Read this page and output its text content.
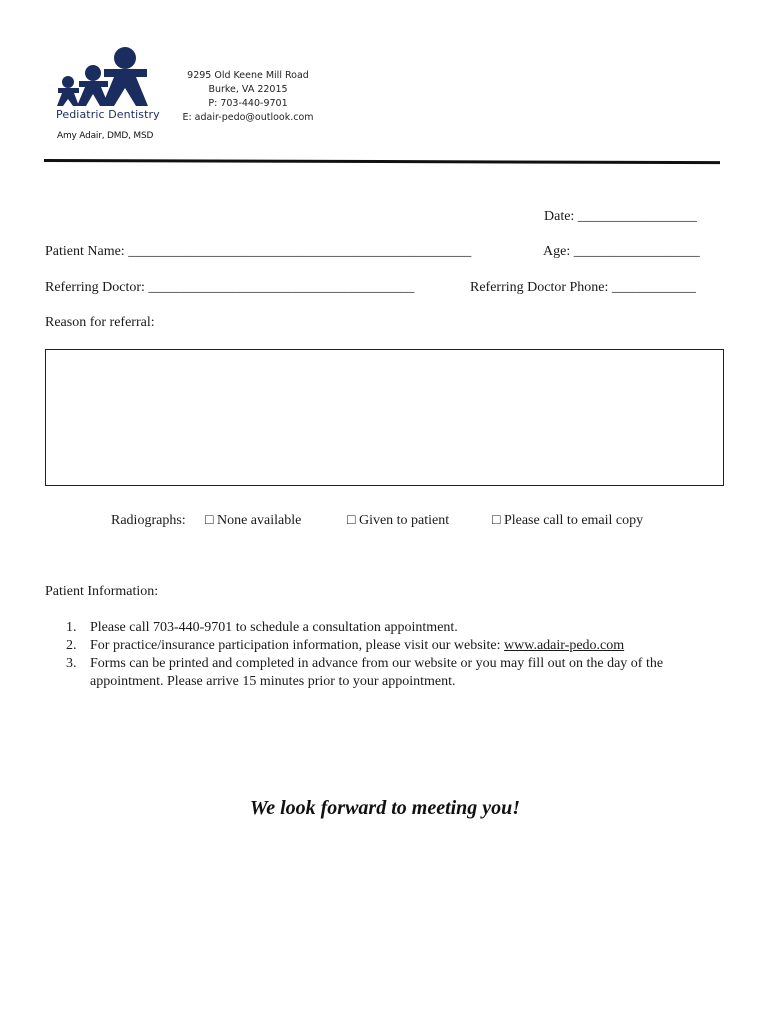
Pediatric Dentistry
Amy Adair, DMD, MSD
9295 Old Keene Mill Road
Burke, VA 22015
P: 703-440-9701
E: adair-pedo@outlook.com
Date: _________________
Patient Name: _________________________________________________	Age: __________________
Referring Doctor: ______________________________________	Referring Doctor Phone: ____________
Reason for referral:
Radiographs: □ None available	□ Given to patient	□ Please call to email copy
Patient Information:
1. Please call 703-440-9701 to schedule a consultation appointment.
2. For practice/insurance participation information, please visit our website: www.adair-pedo.com
3. Forms can be printed and completed in advance from our website or you may fill out on the day of the appointment. Please arrive 15 minutes prior to your appointment.
We look forward to meeting you!
